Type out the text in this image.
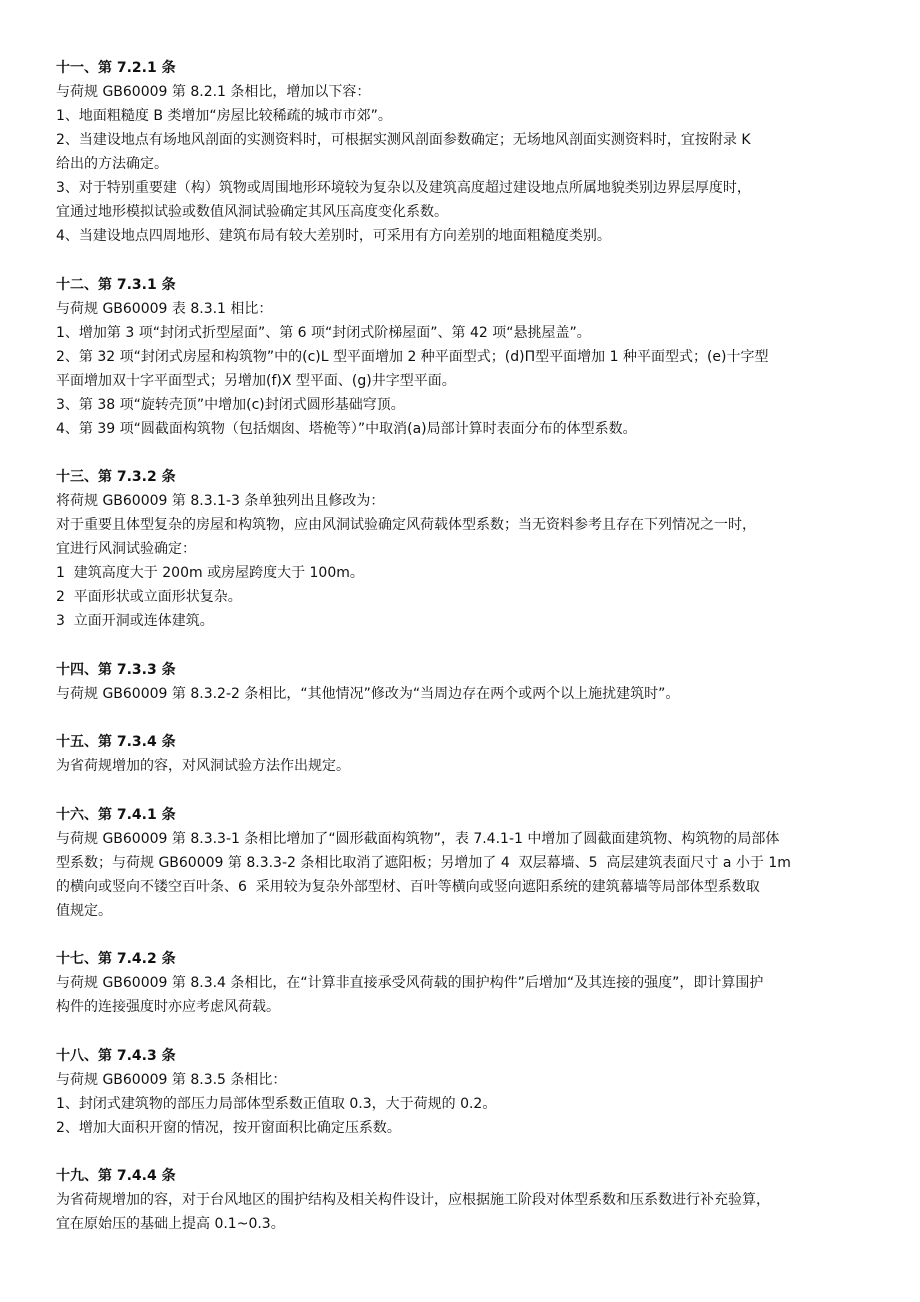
十一、第 7.2.1 条
与荷规 GB60009 第 8.2.1 条相比，增加以下容：
1、地面粗糙度 B 类增加“房屋比较稀疏的城市市郊”。
2、当建设地点有场地风剖面的实测资料时，可根据实测风剖面参数确定；无场地风剖面实测资料时，宜按附录 K
给出的方法确定。
3、对于特别重要建（构）筑物或周围地形环境较为复杂以及建筑高度超过建设地点所属地貌类别边界层厚度时，
宜通过地形模拟试验或数值风洞试验确定其风压高度变化系数。
4、当建设地点四周地形、建筑布局有较大差别时，可采用有方向差别的地面粗糙度类别。
十二、第 7.3.1 条
与荷规 GB60009 表 8.3.1 相比：
1、增加第 3 项“封闭式折型屋面”、第 6 项“封闭式阶梯屋面”、第 42 项“悬挑屋盖”。
2、第 32 项“封闭式房屋和构筑物”中的(c)L 型平面增加 2 种平面型式；(d)Π型平面增加 1 种平面型式；(e)十字型
平面增加双十字平面型式；另增加(f)X 型平面、(g)井字型平面。
3、第 38 项“旋转壳顶”中增加(c)封闭式圆形基础穹顶。
4、第 39 项“圆截面构筑物（包括烟囱、塔桅等）”中取消(a)局部计算时表面分布的体型系数。
十三、第 7.3.2 条
将荷规 GB60009 第 8.3.1-3 条单独列出且修改为：
对于重要且体型复杂的房屋和构筑物，应由风洞试验确定风荷载体型系数；当无资料参考且存在下列情况之一时，
宜进行风洞试验确定：
1  建筑高度大于 200m 或房屋跨度大于 100m。
2  平面形状或立面形状复杂。
3  立面开洞或连体建筑。
十四、第 7.3.3 条
与荷规 GB60009 第 8.3.2-2 条相比，“其他情况”修改为“当周边存在两个或两个以上施扰建筑时”。
十五、第 7.3.4 条
为省荷规增加的容，对风洞试验方法作出规定。
十六、第 7.4.1 条
与荷规 GB60009 第 8.3.3-1 条相比增加了“圆形截面构筑物”，表 7.4.1-1 中增加了圆截面建筑物、构筑物的局部体
型系数；与荷规 GB60009 第 8.3.3-2 条相比取消了遮阳板；另增加了 4  双层幕墙、5  高层建筑表面尺寸 a 小于 1m
的横向或竖向不镂空百叶条、6  采用较为复杂外部型材、百叶等横向或竖向遮阳系统的建筑幕墙等局部体型系数取
值规定。
十七、第 7.4.2 条
与荷规 GB60009 第 8.3.4 条相比，在“计算非直接承受风荷载的围护构件”后增加“及其连接的强度”，即计算围护
构件的连接强度时亦应考虑风荷载。
十八、第 7.4.3 条
与荷规 GB60009 第 8.3.5 条相比：
1、封闭式建筑物的部压力局部体型系数正值取 0.3，大于荷规的 0.2。
2、增加大面积开窗的情况，按开窗面积比确定压系数。
十九、第 7.4.4 条
为省荷规增加的容，对于台风地区的围护结构及相关构件设计，应根据施工阶段对体型系数和压系数进行补充验算，
宜在原始压的基础上提高 0.1~0.3。
